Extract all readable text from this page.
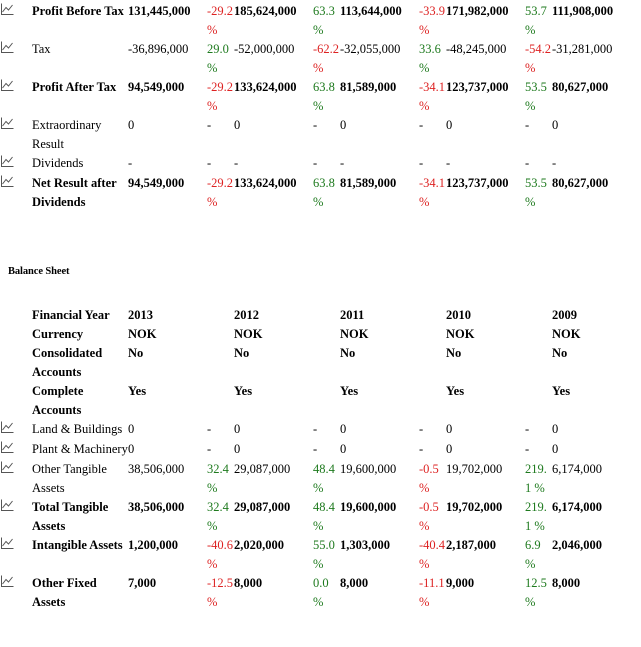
	Profit Before Tax	131,445,000	-29.2 %	185,624,000	63.3 %	113,644,000	-33.9 %	171,982,000	53.7 %	111,908,000

	Tax	-36,896,000	29.0 %	-52,000,000	-62.2 %	-32,055,000	33.6 %	-48,245,000	-54.2 %	-31,281,000

	Profit After Tax	94,549,000	-29.2 %	133,624,000	63.8 %	81,589,000	-34.1 %	123,737,000	53.5 %	80,627,000

	Extraordinary Result	0	-	0	-	0	-	0	-	0

	Dividends	-	-	-	-	-	-	-	-	-

	Net Result after Dividends	94,549,000	-29.2 %	133,624,000	63.8 %	81,589,000	-34.1 %	123,737,000	53.5 %	80,627,000
Balance Sheet
	Financial Year	2013		2012		2011		2010		2009
	Currency	NOK		NOK		NOK		NOK		NOK
	Consolidated Accounts	No		No		No		No		No
	Complete Accounts	Yes		Yes		Yes		Yes		Yes

	Land & Buildings	0	-	0	-	0	-	0	-	0

	Plant & Machinery	0	-	0	-	0	-	0	-	0

	Other Tangible Assets	38,506,000	32.4 %	29,087,000	48.4 %	19,600,000	-0.5 %	19,702,000	219.1 %	6,174,000

	Total Tangible Assets	38,506,000	32.4 %	29,087,000	48.4 %	19,600,000	-0.5 %	19,702,000	219.1 %	6,174,000

	Intangible Assets	1,200,000	-40.6 %	2,020,000	55.0 %	1,303,000	-40.4 %	2,187,000	6.9 %	2,046,000

	Other Fixed Assets	7,000	-12.5 %	8,000	0.0 %	8,000	-11.1 %	9,000	12.5 %	8,000
